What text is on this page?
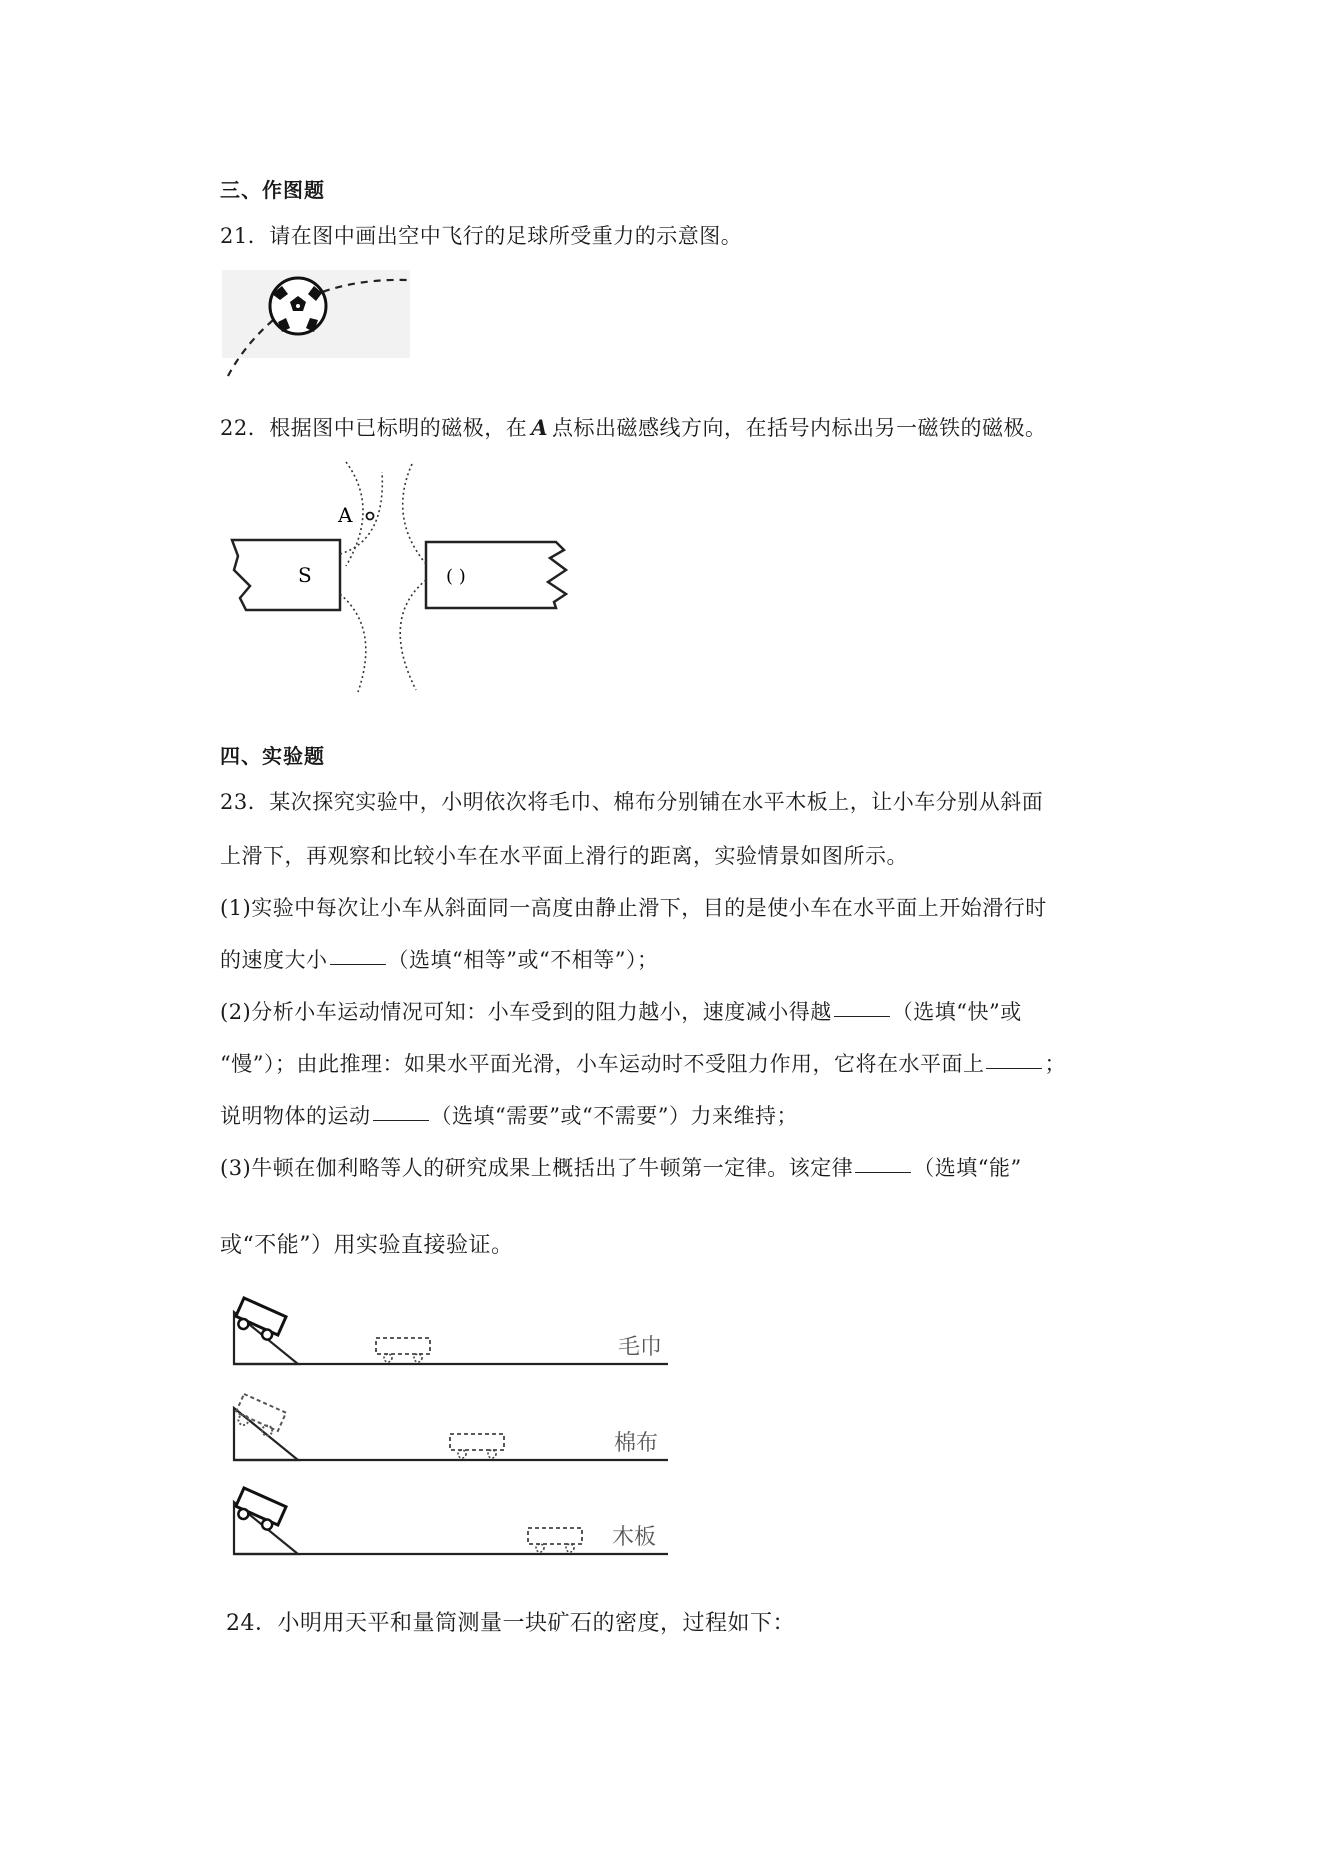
三、作图题
21．请在图中画出空中飞行的足球所受重力的示意图。
22．根据图中已标明的磁极，在 A 点标出磁感线方向，在括号内标出另一磁铁的磁极。
S	( )
A
四、实验题
23．某次探究实验中，小明依次将毛巾、棉布分别铺在水平木板上，让小车分别从斜面
上滑下，再观察和比较小车在水平面上滑行的距离，实验情景如图所示。
(1)实验中每次让小车从斜面同一高度由静止滑下，目的是使小车在水平面上开始滑行时
的速度大小	（选填“相等”或“不相等”）；
(2)分析小车运动情况可知：小车受到的阻力越小，速度减小得越	（选填“快”或
“慢”）；由此推理：如果水平面光滑，小车运动时不受阻力作用，它将在水平面上	；
说明物体的运动	（选填“需要”或“不需要”）力来维持；
(3)牛顿在伽利略等人的研究成果上概括出了牛顿第一定律。该定律	（选填“能”
或“不能”）用实验直接验证。
毛巾
棉布
木板
24．小明用天平和量筒测量一块矿石的密度，过程如下：
